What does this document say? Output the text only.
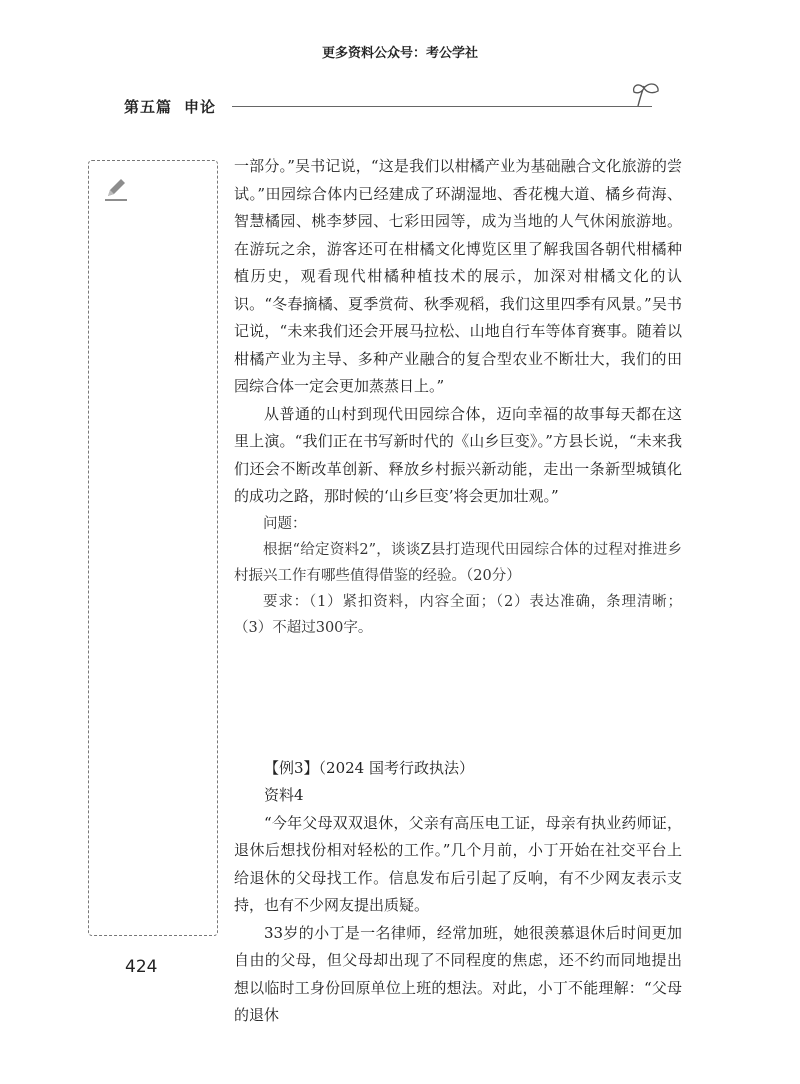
更多资料公众号：考公学社
第五篇 申论

一部分。”吴书记说，“这是我们以柑橘产业为基础融合文化旅游的尝试。”田园综合体内已经建成了环湖湿地、香花槐大道、橘乡荷海、智慧橘园、桃李梦园、七彩田园等，成为当地的人气休闲旅游地。在游玩之余，游客还可在柑橘文化博览区里了解我国各朝代柑橘种植历史，观看现代柑橘种植技术的展示，加深对柑橘文化的认识。“冬春摘橘、夏季赏荷、秋季观稻，我们这里四季有风景。”吴书记说，“未来我们还会开展马拉松、山地自行车等体育赛事。随着以柑橘产业为主导、多种产业融合的复合型农业不断壮大，我们的田园综合体一定会更加蒸蒸日上。”

从普通的山村到现代田园综合体，迈向幸福的故事每天都在这里上演。“我们正在书写新时代的《山乡巨变》。”方县长说，“未来我们还会不断改革创新、释放乡村振兴新动能，走出一条新型城镇化的成功之路，那时候的‘山乡巨变’将会更加壮观。”

问题：

根据“给定资料2”，谈谈Z县打造现代田园综合体的过程对推进乡村振兴工作有哪些值得借鉴的经验。（20分）

要求：（1）紧扣资料，内容全面；（2）表达准确，条理清晰；（3）不超过300字。

【例3】（2024 国考行政执法）

资料4

“今年父母双双退休，父亲有高压电工证，母亲有执业药师证，退休后想找份相对轻松的工作。”几个月前，小丁开始在社交平台上给退休的父母找工作。信息发布后引起了反响，有不少网友表示支持，也有不少网友提出质疑。

33岁的小丁是一名律师，经常加班，她很羡慕退休后时间更加自由的父母，但父母却出现了不同程度的焦虑，还不约而同地提出想以临时工身份回原单位上班的想法。对此，小丁不能理解：“父母的退休

424
